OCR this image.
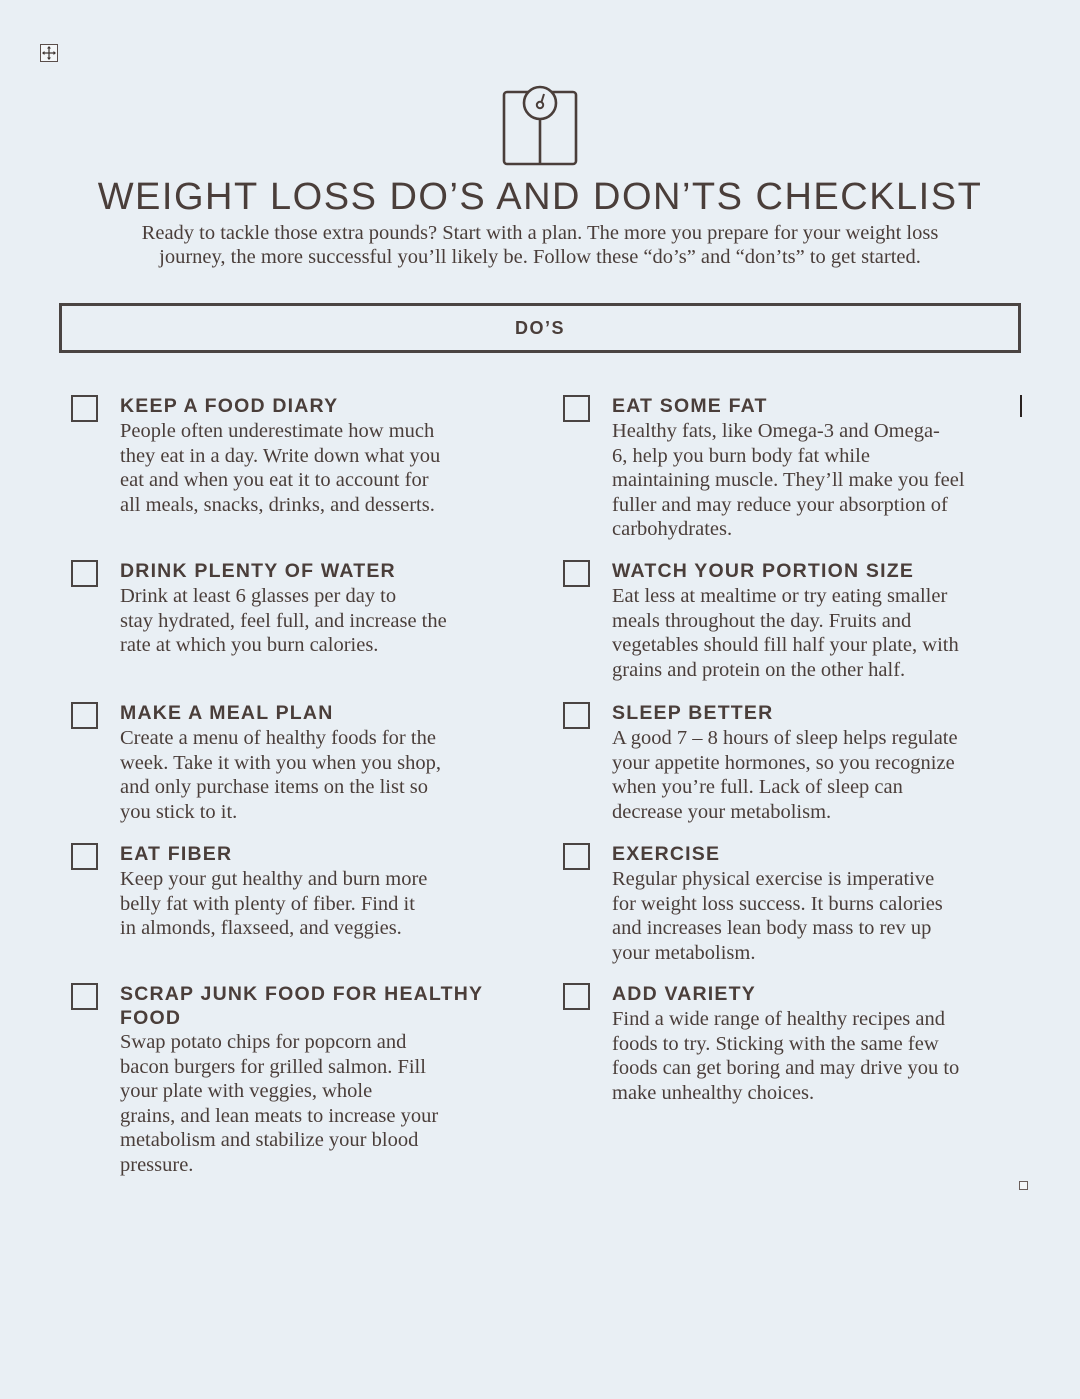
WEIGHT LOSS DO’S AND DON’TS CHECKLIST
Ready to tackle those extra pounds? Start with a plan. The more you prepare for your weight loss
journey, the more successful you’ll likely be. Follow these “do’s” and “don’ts” to get started.
DO’S
KEEP A FOOD DIARY
People often underestimate how much
they eat in a day. Write down what you
eat and when you eat it to account for
all meals, snacks, drinks, and desserts.
DRINK PLENTY OF WATER
Drink at least 6 glasses per day to
stay hydrated, feel full, and increase the
rate at which you burn calories.
MAKE A MEAL PLAN
Create a menu of healthy foods for the
week. Take it with you when you shop,
and only purchase items on the list so
you stick to it.
EAT FIBER
Keep your gut healthy and burn more
belly fat with plenty of fiber. Find it
in almonds, flaxseed, and veggies.
SCRAP JUNK FOOD FOR HEALTHY
FOOD
Swap potato chips for popcorn and
bacon burgers for grilled salmon. Fill
your plate with veggies, whole
grains, and lean meats to increase your
metabolism and stabilize your blood
pressure.
EAT SOME FAT
Healthy fats, like Omega-3 and Omega-
6, help you burn body fat while
maintaining muscle. They’ll make you feel
fuller and may reduce your absorption of
carbohydrates.
WATCH YOUR PORTION SIZE
Eat less at mealtime or try eating smaller
meals throughout the day. Fruits and
vegetables should fill half your plate, with
grains and protein on the other half.
SLEEP BETTER
A good 7 – 8 hours of sleep helps regulate
your appetite hormones, so you recognize
when you’re full. Lack of sleep can
decrease your metabolism.
EXERCISE
Regular physical exercise is imperative
for weight loss success. It burns calories
and increases lean body mass to rev up
your metabolism.
ADD VARIETY
Find a wide range of healthy recipes and
foods to try. Sticking with the same few
foods can get boring and may drive you to
make unhealthy choices.
